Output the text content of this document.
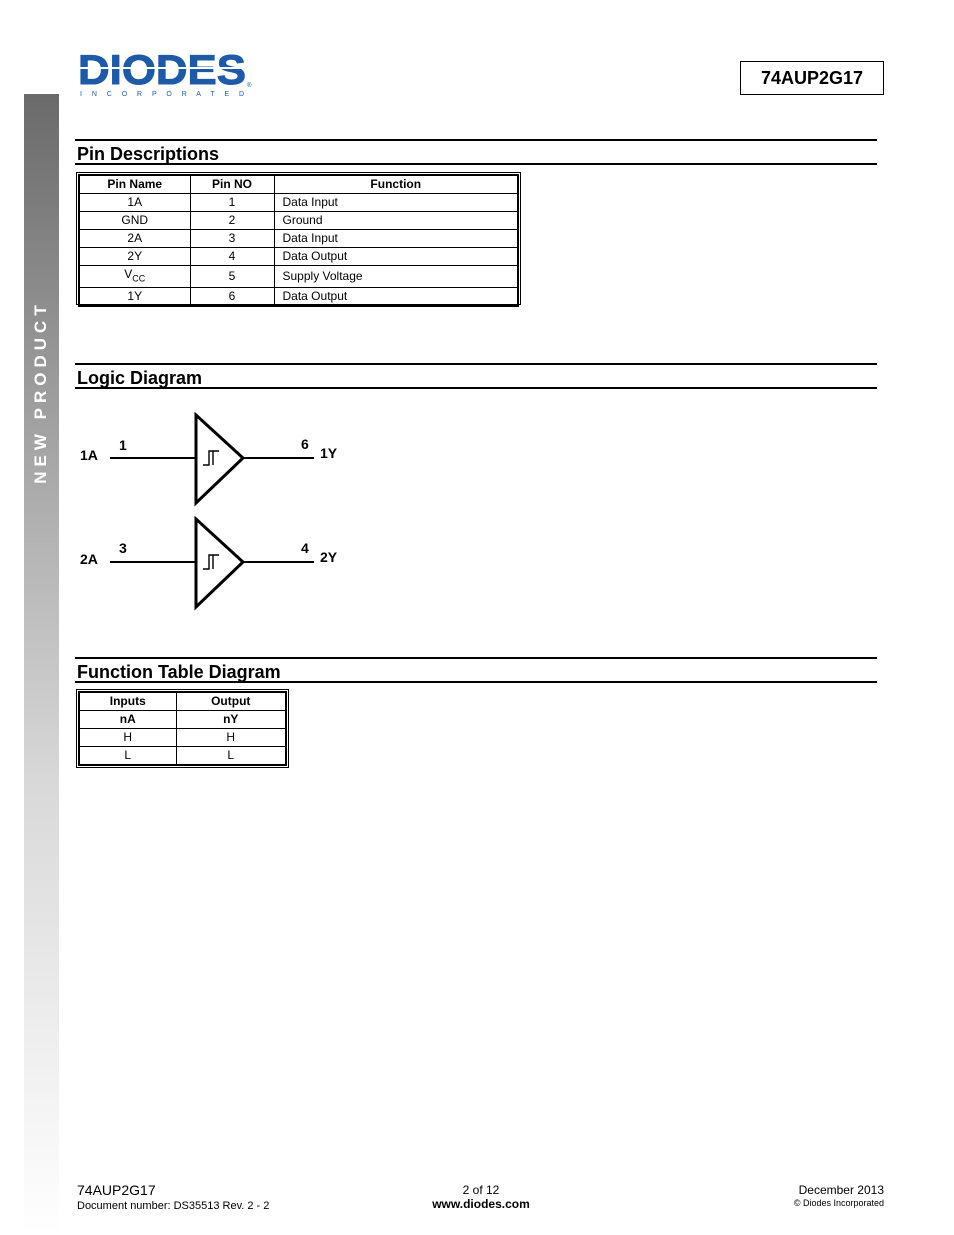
NEW PRODUCT
DIODES
I N C O R P O R A T E D
®	74AUP2G17
Pin Descriptions
Pin Name	Pin NO	Function
1A	1	Data Input
GND	2	Ground
2A	3	Data Input
2Y	4	Data Output
$V_{CC}$	5	Supply Voltage
1Y	6	Data Output
Logic Diagram
1A
1	6
1Y
2A
3	4
2Y
Function Table Diagram
Inputs	Output
nA	nY
H	H
L	L
74AUP2G17
Document number: DS35513 Rev. 2 - 2
2 of 12
www.diodes.com
December 2013
© Diodes Incorporated
